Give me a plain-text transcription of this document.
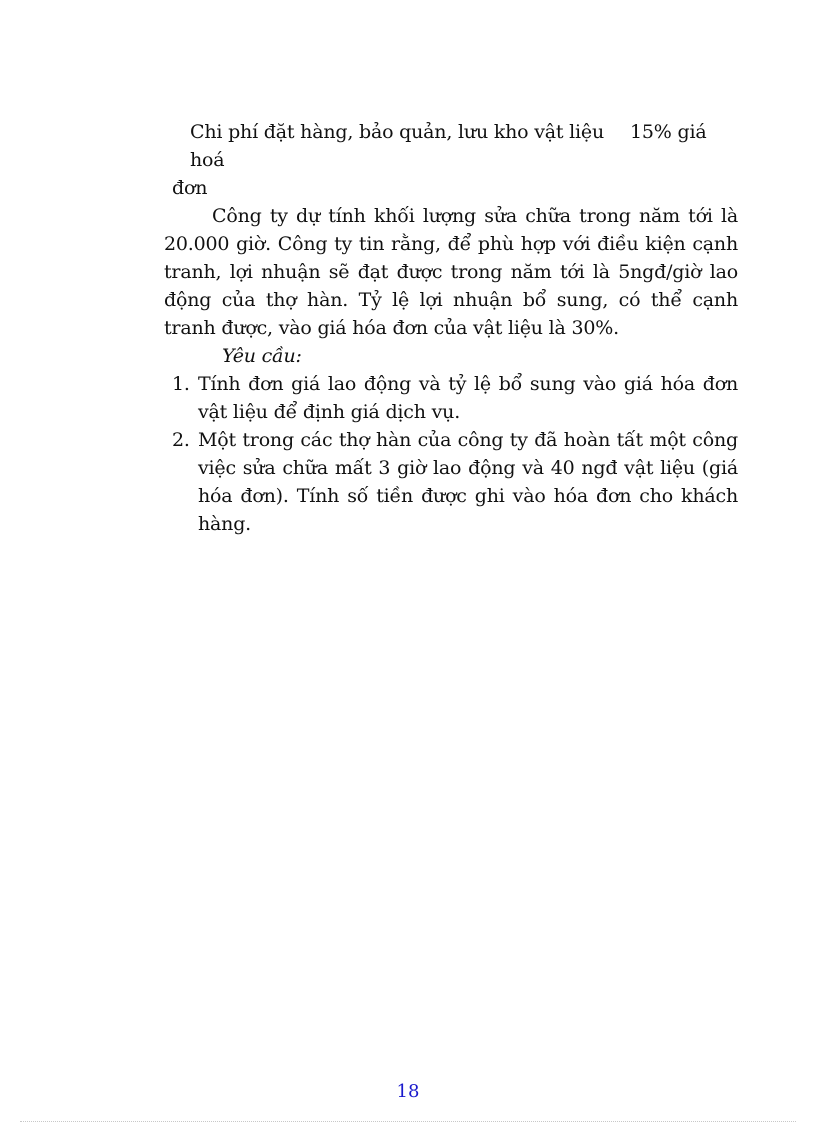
Chi phí đặt hàng, bảo quản, lưu kho vật liệu 15% giá hoá

đơn

Công ty dự tính khối lượng sửa chữa trong năm tới là 20.000 giờ. Công ty tin rằng, để phù hợp với điều kiện cạnh tranh, lợi nhuận sẽ đạt được trong năm tới là 5ngđ/giờ lao động của thợ hàn. Tỷ lệ lợi nhuận bổ sung, có thể cạnh tranh được, vào giá hóa đơn của vật liệu là 30%.

Yêu cầu:

1. Tính đơn giá lao động và tỷ lệ bổ sung vào giá hóa đơn vật liệu để định giá dịch vụ.
2. Một trong các thợ hàn của công ty đã hoàn tất một công việc sửa chữa mất 3 giờ lao động và 40 ngđ vật liệu (giá hóa đơn). Tính số tiền được ghi vào hóa đơn cho khách hàng.
18
